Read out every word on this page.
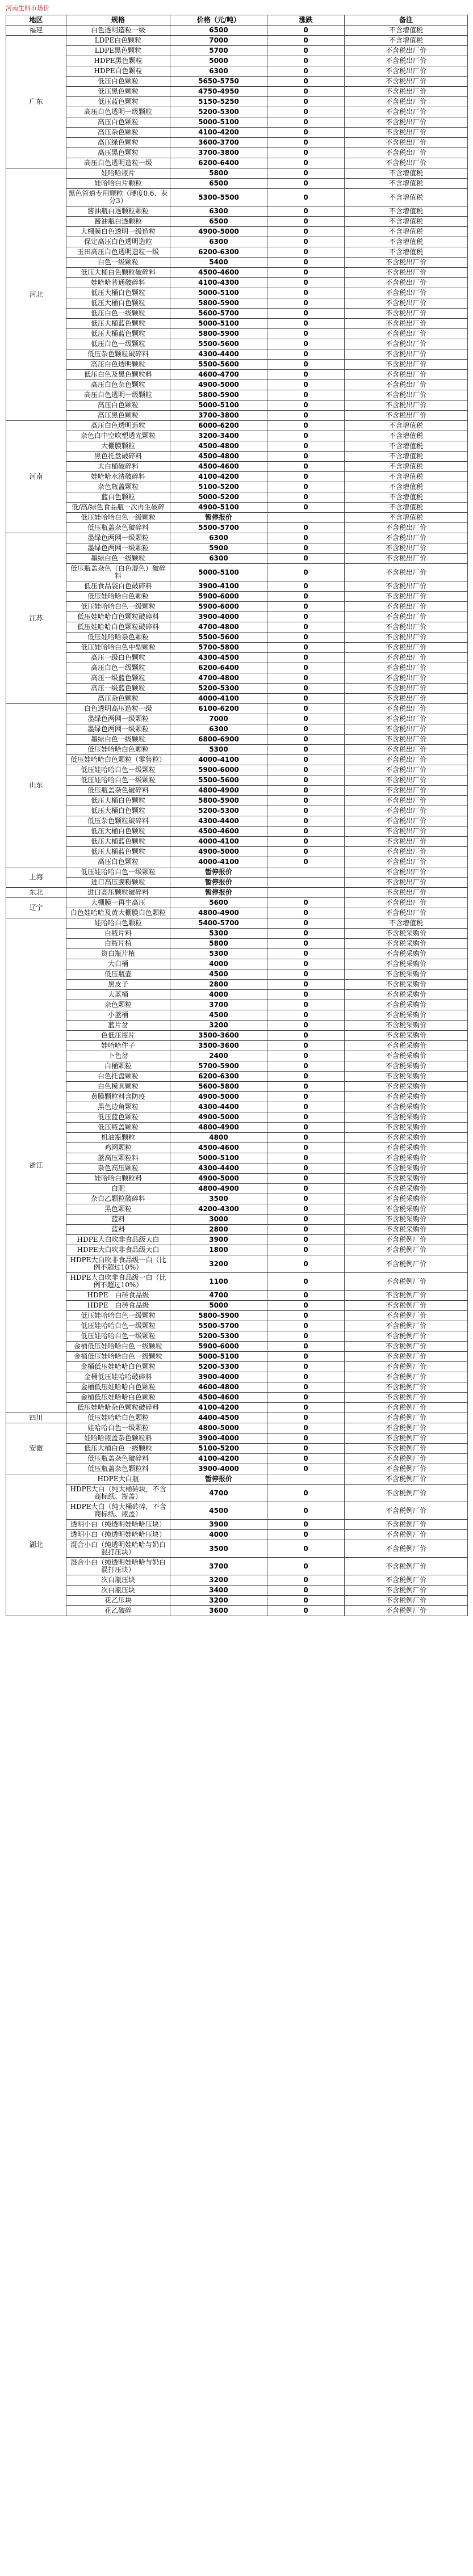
河南生料市场价
地区	规格	价格（元/吨）	涨跌	备注
福建	白色透明造粒一级	6500	0	不含增值税
广东	LDPE白色颗粒	7000	0	不含增值税
	LDPE黑色颗粒	5700	0	不含税出厂价
	HDPE黑色颗粒	5000	0	不含税出厂价
	HDPE白色颗粒	6300	0	不含税出厂价
	低压白色颗粒	5650-5750	0	不含税出厂价
	低压黑色颗粒	4750-4950	0	不含税出厂价
	低压蓝色颗粒	5150-5250	0	不含税出厂价
	高压白色透明一级颗粒	5200-5300	0	不含税出厂价
	高压白色颗粒	5000-5100	0	不含税出厂价
	高压杂色颗粒	4100-4200	0	不含税出厂价
	高压绿色颗粒	3600-3700	0	不含税出厂价
	高压黑色颗粒	3700-3800	0	不含税出厂价
	高压白色透明造粒一级	6200-6400	0	不含税出厂价
河北	娃哈哈瓶片	5800	0	不含增值税
	娃哈哈白片颗粒	6500	0	不含增值税
	黑色管道专用颗粒（硬度0.6、灰分3）	5300-5500	0	不含增值税
	酱油瓶白透颗粒颗粒	6300	0	不含增值税
	酱油瓶白透颗粒	6500	0	不含增值税
	大棚膜白色透明一级造粒	4900-5000	0	不含增值税
	保定高压白色透明造粒	6300	0	不含增值税
	玉田高压白色透明造粒一级	6200-6300	0	不含增值税
	白色一级颗粒	5400	0	不含税出厂价
	低压大桶白色颗粒破碎料	4500-4600	0	不含税出厂价
	娃哈哈普通破碎料	4100-4300	0	不含税出厂价
	低压大桶白色颗粒	5000-5100	0	不含税出厂价
	低压大桶白色颗粒	5800-5900	0	不含税出厂价
	低压白色一级颗粒	5600-5700	0	不含税出厂价
	低压大桶蓝色颗粒	5000-5100	0	不含税出厂价
	低压大桶蓝色颗粒	5800-5900	0	不含税出厂价
	低压白色一级颗粒	5500-5600	0	不含税出厂价
	低压杂色颗粒破碎料	4300-4400	0	不含税出厂价
	高压白色透明颗粒	5500-5600	0	不含税出厂价
	低压白色及黑色颗粒料	4600-4700	0	不含税出厂价
	高压白色杂色颗粒	4900-5000	0	不含税出厂价
	高压白色透明一级颗粒	5800-5900	0	不含税出厂价
	高压白色颗粒	5000-5100	0	不含税出厂价
	高压黑色颗粒	3700-3800	0	不含税出厂价
河南	高压白色透明造粒	6000-6200	0	不含增值税
	杂色白中空吹塑透光颗粒	3200-3400	0	不含增值税
	大棚膜颗粒	4500-4800	0	不含增值税
	黑色托盘破碎料	4500-4800	0	不含增值税
	大白桶破碎料	4500-4600	0	不含增值税
	娃哈哈水清破碎料	4100-4200	0	不含增值税
	杂色瓶盖颗粒	5100-5200	0	不含增值税
	蓝白色颗粒	5000-5200	0	不含增值税
	低/高/绿色食品瓶一次再生破碎	4900-5100	0	不含增值税
	低压娃哈哈白色一级颗粒	暂停报价		不含增值税
	低压瓶盖杂色破碎料	5500-5700	0	不含税出厂价
江苏	墨绿色两网一级颗粒	6300	0	不含税出厂价
	墨绿色两网一级颗粒	5900	0	不含税出厂价
	墨绿白色一级颗粒	6300	0	不含税出厂价
	低压瓶盖杂色（白色混色）破碎料	5000-5100	0	不含税出厂价
	低压食品袋白色破碎料	3900-4100	0	不含税出厂价
	低压娃哈哈白色颗粒	5900-6000	0	不含税出厂价
	低压娃哈哈白色一级颗粒	5900-6000	0	不含税出厂价
	低压娃哈哈白色颗粒破碎料	3900-4000	0	不含税出厂价
	低压娃哈哈白色颗粒破碎料	4700-4800	0	不含税出厂价
	低压娃哈哈杂色颗粒	5500-5600	0	不含税出厂价
	低压娃哈哈白色中型颗粒	5700-5800	0	不含税出厂价
	高压一级白色颗粒	4300-4500	0	不含税出厂价
	高压白色一级颗粒	6200-6400	0	不含税出厂价
	高压一级蓝色颗粒	4700-4800	0	不含税出厂价
	高压一级蓝色颗粒	5200-5300	0	不含税出厂价
	高压杂色颗粒	4000-4100	0	不含税出厂价
山东	白色透明高压造粒一级	6100-6200	0	不含税出厂价
	墨绿色两网一级颗粒	7000	0	不含税出厂价
	墨绿色两网一级颗粒	6300	0	不含税出厂价
	墨绿白色一级颗粒	6800-6900	0	不含税出厂价
	低压娃哈哈白色颗粒	5300	0	不含税出厂价
	低压娃哈哈白色颗粒（零售粒）	4000-4100	0	不含税出厂价
	低压娃哈哈白色一级颗粒	5900-6000	0	不含税出厂价
	低压娃哈哈白色一级颗粒	5500-5600	0	不含税出厂价
	低压瓶盖杂色破碎料	4800-4900	0	不含税出厂价
	低压大桶白色颗粒	5800-5900	0	不含税出厂价
	低压大桶白色颗粒	5200-5300	0	不含税出厂价
	低压杂色颗粒破碎料	4300-4400	0	不含税出厂价
	低压大桶白色颗粒	4500-4600	0	不含税出厂价
	低压大桶蓝色颗粒	4000-4100	0	不含税出厂价
	低压大桶蓝色颗粒	4900-5000	0	不含税出厂价
	高压白色颗粒	4000-4100	0	不含税出厂价
上海	低压娃哈哈白色一级颗粒	暂停报价		不含税出厂价
	进口高压膜粉颗粒	暂停报价		不含税出厂价
东北	进口高压颗粒破碎料	暂停报价		不含税出厂价
辽宁	大棚膜一再生高压	5600	0	不含税出厂价
	白色娃哈哈及黄大棚膜白色颗粒	4800-4900	0	不含税出厂价
浙江	娃哈哈白色颗粒	5400-5700	0	不含增值税
	白瓶片料	5300	0	不含税采购价
	白瓶片植	5800	0	不含税采购价
	资白瓶片植	5300	0	不含税采购价
	大白桶	4000	0	不含税采购价
	低压瓶壶	4500	0	不含税采购价
	黑皮子	2800	0	不含税采购价
	大蓝桶	4000	0	不含税采购价
	杂色颗粒	3700	0	不含税采购价
	小蓝桶	4500	0	不含税采购价
	蓝片岔	3200	0	不含税采购价
	色低压瓶片	3500-3600	0	不含税采购价
	娃哈哈件子	3500-3600	0	不含税采购价
	卜色岔	2400	0	不含税采购价
	白桶颗粒	5700-5900	0	不含税采购价
	白色托盘颗粒	6200-6300	0	不含税采购价
	白色模具颗粒	5600-5800	0	不含税采购价
	黄膜颗粒料含防疫	4900-5000	0	不含税采购价
	黑色边角颗粒	4300-4400	0	不含税采购价
	低压蓝色颗粒	4900-5000	0	不含税采购价
	低压瓶盖颗粒	4800-4900	0	不含税采购价
	机油瓶颗粒	4800	0	不含税采购价
	鸡网颗粒	4500-4600	0	不含税采购价
	蓝高压颗粒料	5000-5100	0	不含税采购价
	杂色高压颗粒	4300-4400	0	不含税采购价
	娃哈哈白颗粒料	4900-5000	0	不含税采购价
	白肥	4800-4900	0	不含税采购价
	杂白乙颗粒破碎料	3500	0	不含税采购价
	黑色颗粒	4200-4300	0	不含税采购价
	蓝料	3000	0	不含税采购价
	蓝料	2800	0	不含税采购价
	HDPE大白吹非食品级大白	3900	0	不含税例厂价
	HDPE大白吹非食品级大白	1800	0	不含税例厂价
	HDPE大白吹非食品级一白（比例不超过10%）	3200	0	不含税例厂价
	HDPE大白吹非食品级一白（比例不超过10%）	1100	0	不含税例厂价
	HDPE　白砖食品级	4700	0	不含税例厂价
	HDPE　白砖食品级	5000	0	不含税例厂价
	低压娃哈哈白色一级颗粒	5800-5900	0	不含税例厂价
	低压娃哈哈白色一级颗粒	5500-5700	0	不含税例厂价
	低压娃哈哈白色一级颗粒	5200-5300	0	不含税例厂价
	金桶低压娃哈哈白色一级颗粒	5900-6000	0	不含税例厂价
	金桶低压娃哈哈白色一级颗粒	5000-5100	0	不含税例厂价
	金桶低压娃哈哈白色颗粒	5200-5300	0	不含税例厂价
	金桶低压娃哈哈破碎料	3900-4000	0	不含税例厂价
	金桶低压娃哈哈白色颗粒	4600-4800	0	不含税例厂价
	金桶低压娃哈哈白色颗粒	4500-4600	0	不含税例厂价
	低压娃哈哈杂色颗粒破碎料	4100-4200	0	不含税例厂价
四川	低压娃哈哈白色颗粒	4400-4500	0	不含税例厂价
安徽	娃哈哈白色一级颗粒	4800-5000	0	不含税例厂价
	娃哈哈瓶盖杂色颗粒料	3900-4000	0	不含税例厂价
	低压大桶白色一级颗粒	5100-5200	0	不含税例厂价
	低压瓶盖杂色破碎料	4100-4200	0	不含税例厂价
	低压瓶盖杂色颗粒料	3900-4000	0	不含税例厂价
湖北	HDPE大白瓶	暂停报价		不含税例厂价
	HDPE大白（纯大桶砖块，不含商标纸、瓶盖）	4700	0	不含税例厂价
	HDPE大白（纯大桶砖碎，不含商标纸、瓶盖）	4500	0	不含税例厂价
	透明小白（纯透明娃哈哈压块）	3900	0	不含税例厂价
	透明小白（纯透明娃哈哈压块）	4000	0	不含税例厂价
	混合小白（纯透明娃哈哈与奶白混打压块）	3500	0	不含税例厂价
	混合小白（纯透明娃哈哈与奶白混打压块）	3700	0	不含税例厂价
	次白瓶压块	3200	0	不含税例厂价
	次白瓶压块	3400	0	不含税例厂价
	花乙压块	3200	0	不含税例厂价
	花乙破碎	3600	0	不含税例厂价
